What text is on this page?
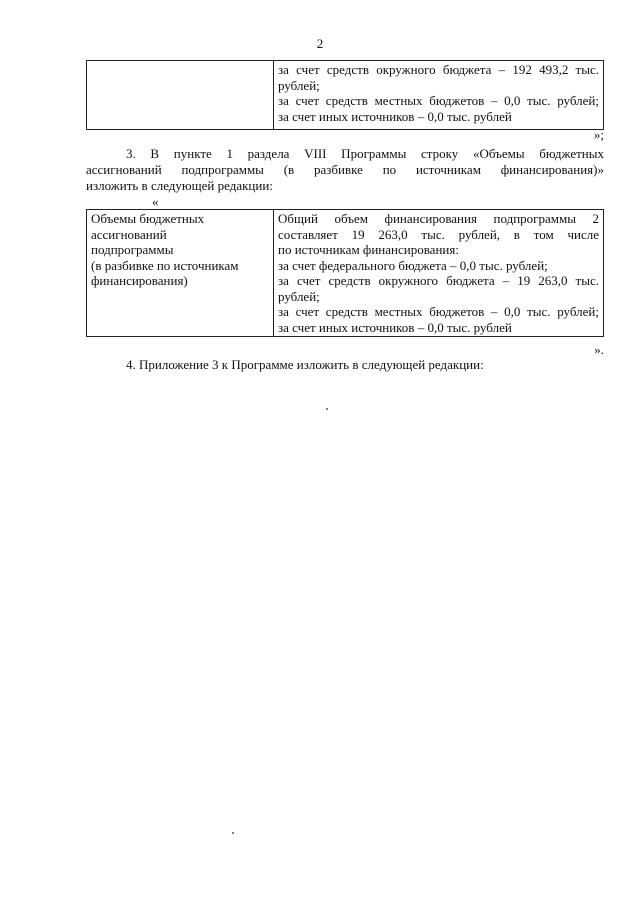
2

за счет средств окружного бюджета – 192 493,2 тыс.
рублей;
за счет средств местных бюджетов – 0,0 тыс. рублей;
за счет иных источников – 0,0 тыс. рублей
»;
3. В пункте 1 раздела VIII Программы строку «Объемы бюджетных
ассигнований подпрограммы (в разбивке по источникам финансирования)»
изложить в следующей редакции:
«
Объемы бюджетных
ассигнований
подпрограммы
(в разбивке по источникам
финансирования)

Общий объем финансирования подпрограммы 2
составляет 19 263,0 тыс. рублей, в том числе
по источникам финансирования:
за счет федерального бюджета – 0,0 тыс. рублей;
за счет средств окружного бюджета – 19 263,0 тыс.
рублей;
за счет средств местных бюджетов – 0,0 тыс. рублей;
за счет иных источников – 0,0 тыс. рублей
».
4. Приложение 3 к Программе изложить в следующей редакции:
